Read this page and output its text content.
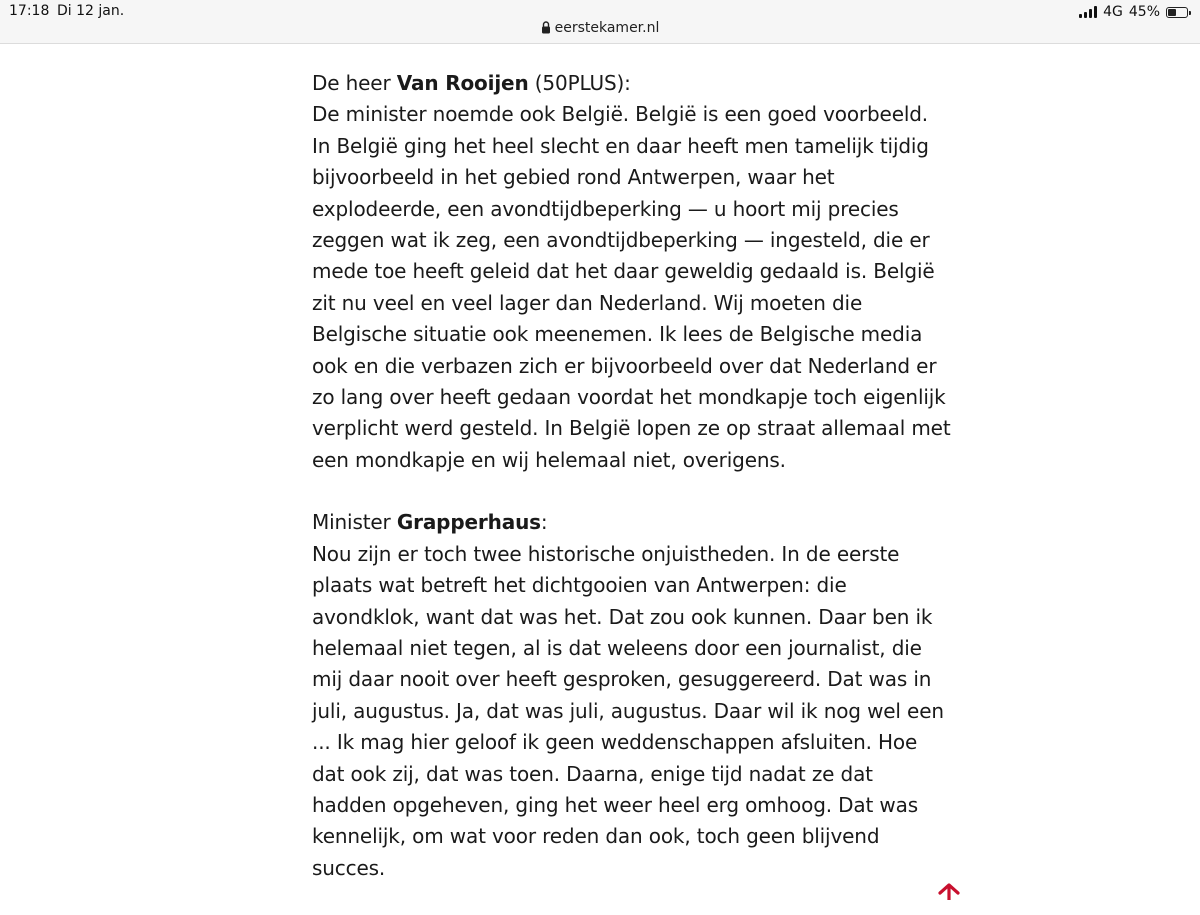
17:18 Di 12 jan.	4G 45%
eerstekamer.nl

De heer Van Rooijen (50PLUS):

De minister noemde ook België. België is een goed voorbeeld. In België ging het heel slecht en daar heeft men tamelijk tijdig bijvoorbeeld in het gebied rond Antwerpen, waar het explodeerde, een avondtijdbeperking — u hoort mij precies zeggen wat ik zeg, een avondtijdbeperking — ingesteld, die er mede toe heeft geleid dat het daar geweldig gedaald is. België zit nu veel en veel lager dan Nederland. Wij moeten die Belgische situatie ook meenemen. Ik lees de Belgische media ook en die verbazen zich er bijvoorbeeld over dat Nederland er zo lang over heeft gedaan voordat het mondkapje toch eigenlijk verplicht werd gesteld. In België lopen ze op straat allemaal met een mondkapje en wij helemaal niet, overigens.

Minister Grapperhaus:

Nou zijn er toch twee historische onjuistheden. In de eerste plaats wat betreft het dichtgooien van Antwerpen: die avondklok, want dat was het. Dat zou ook kunnen. Daar ben ik helemaal niet tegen, al is dat weleens door een journalist, die mij daar nooit over heeft gesproken, gesuggereerd. Dat was in juli, augustus. Ja, dat was juli, augustus. Daar wil ik nog wel een ... Ik mag hier geloof ik geen weddenschappen afsluiten. Hoe dat ook zij, dat was toen. Daarna, enige tijd nadat ze dat hadden opgeheven, ging het weer heel erg omhoog. Dat was kennelijk, om wat voor reden dan ook, toch geen blijvend succes.
